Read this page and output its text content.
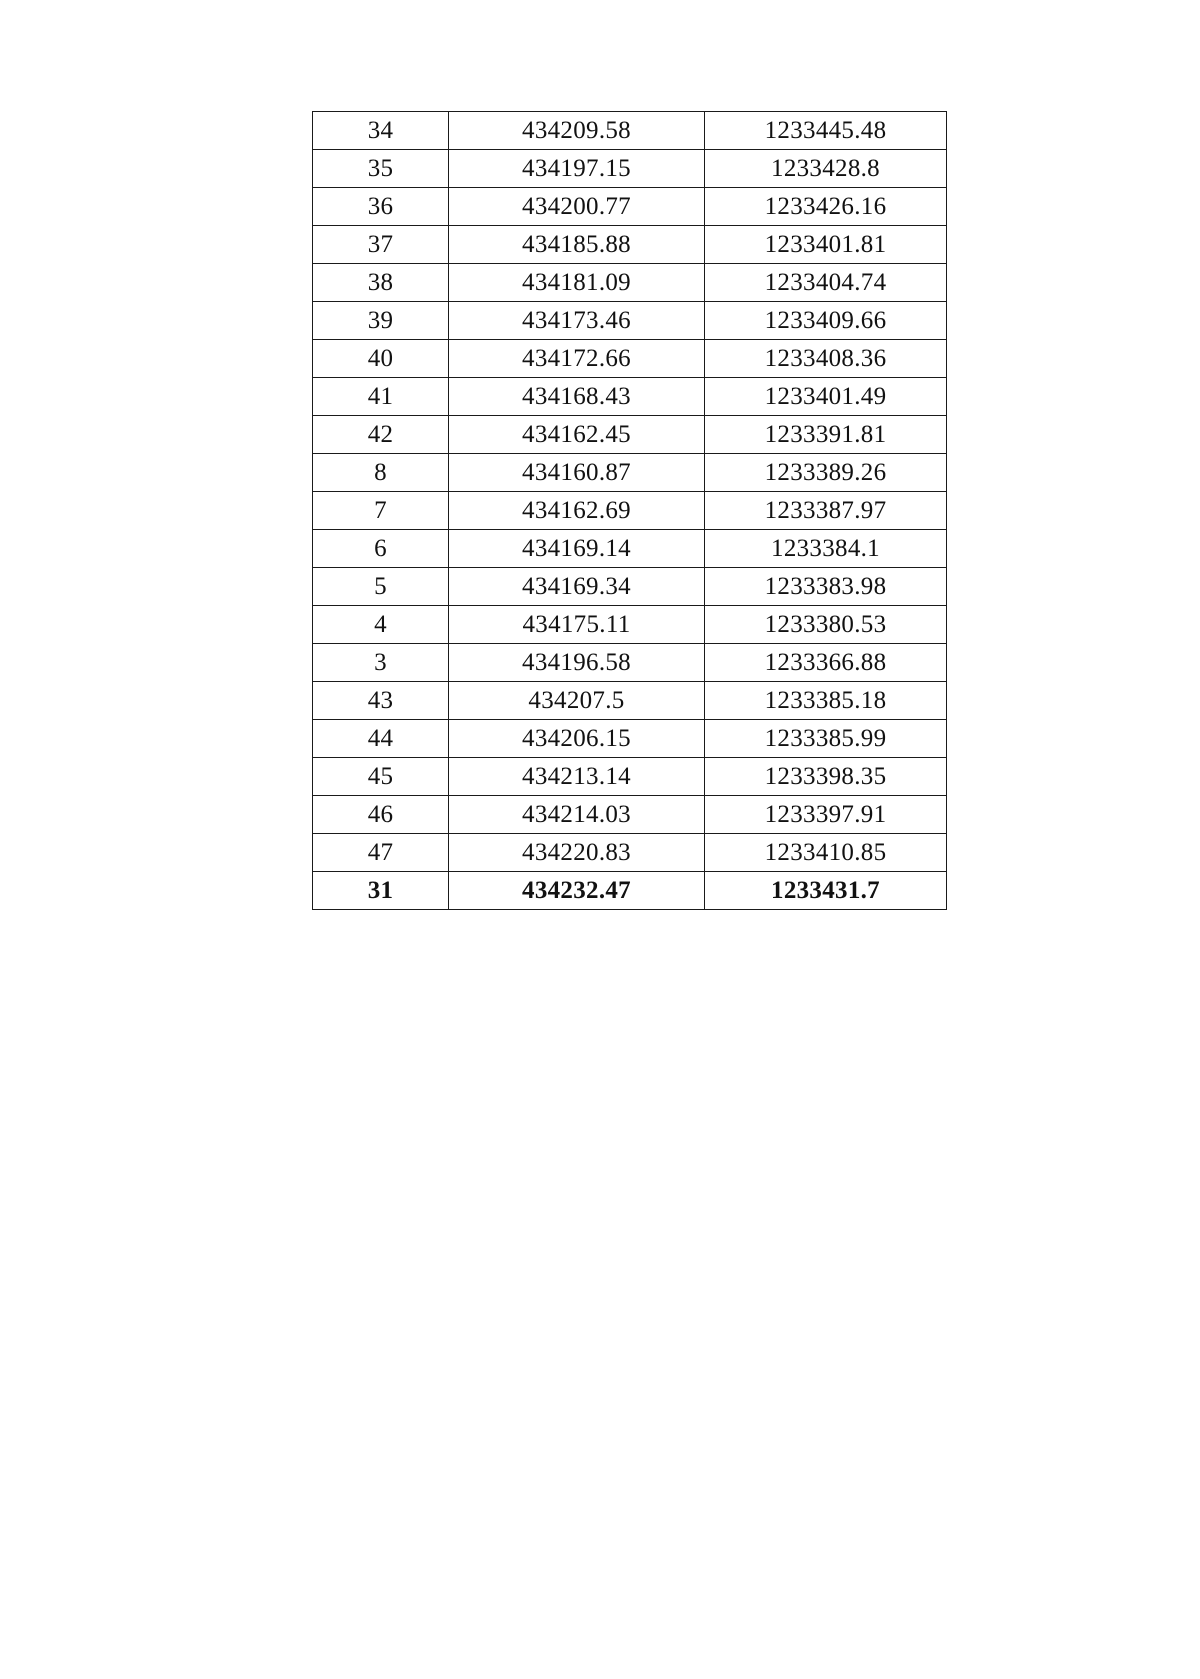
34	434209.58	1233445.48
35	434197.15	1233428.8
36	434200.77	1233426.16
37	434185.88	1233401.81
38	434181.09	1233404.74
39	434173.46	1233409.66
40	434172.66	1233408.36
41	434168.43	1233401.49
42	434162.45	1233391.81
8	434160.87	1233389.26
7	434162.69	1233387.97
6	434169.14	1233384.1
5	434169.34	1233383.98
4	434175.11	1233380.53
3	434196.58	1233366.88
43	434207.5	1233385.18
44	434206.15	1233385.99
45	434213.14	1233398.35
46	434214.03	1233397.91
47	434220.83	1233410.85
31	434232.47	1233431.7
